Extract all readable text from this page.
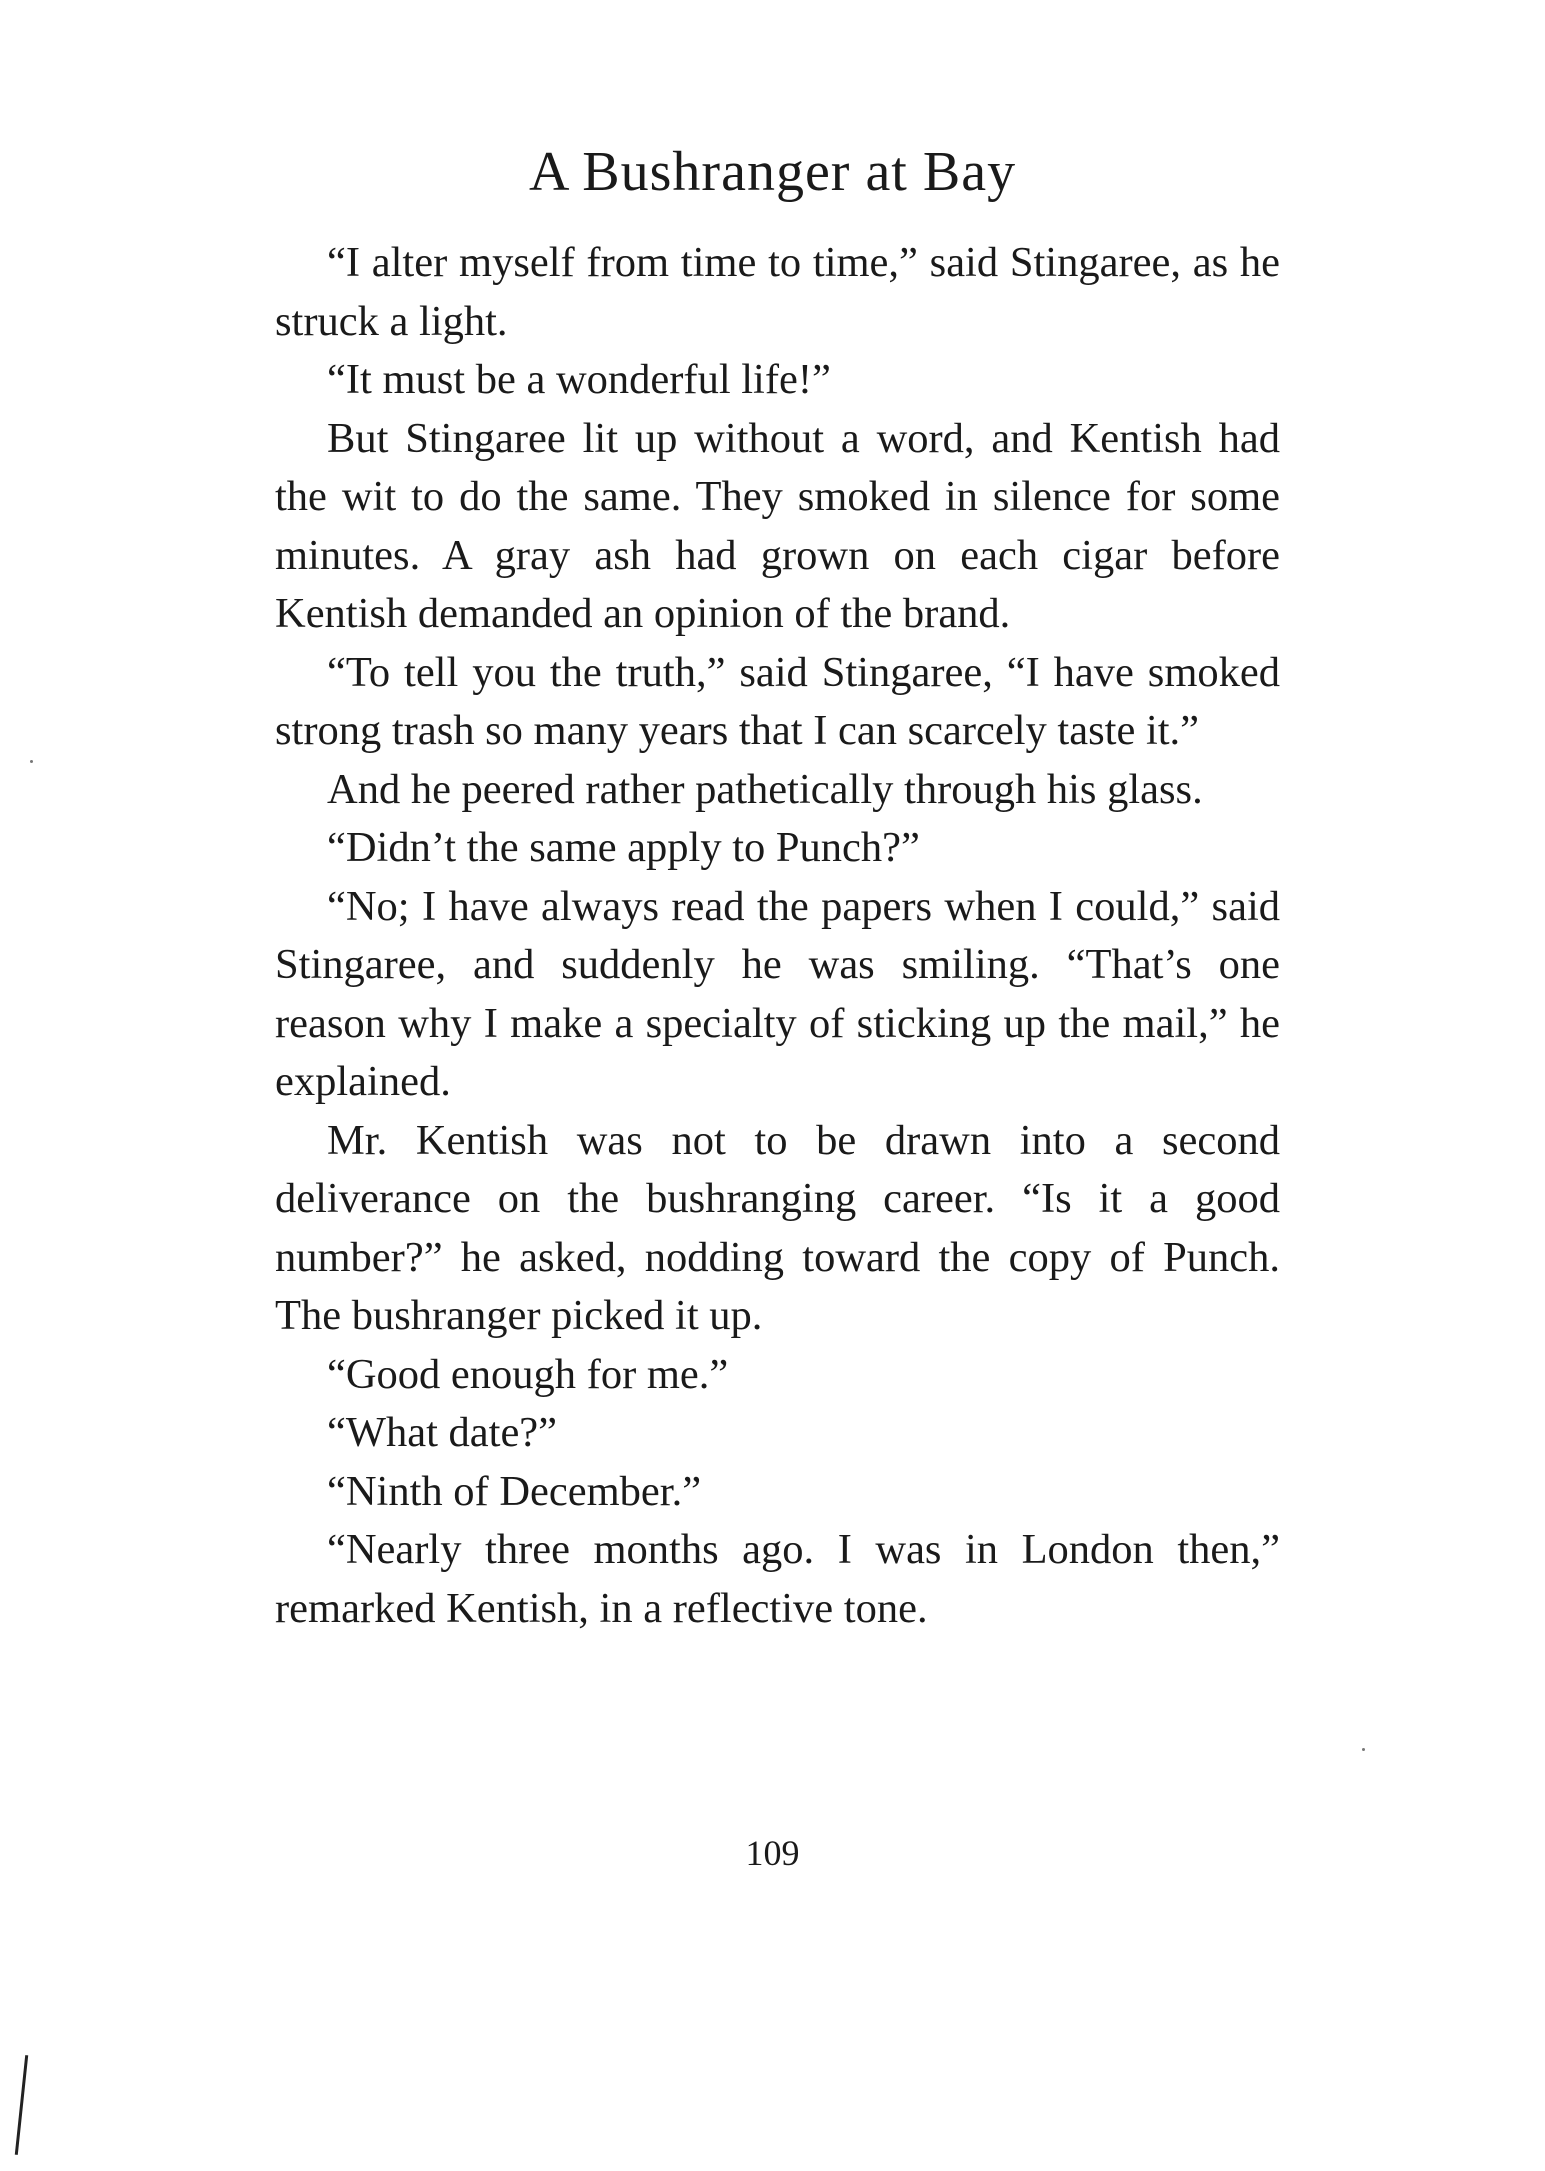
A Bushranger at Bay

“I alter myself from time to time,” said Stingaree, as he struck a light.

“It must be a wonderful life!”

But Stingaree lit up without a word, and Kentish had the wit to do the same. They smoked in silence for some minutes. A gray ash had grown on each cigar before Kentish demanded an opinion of the brand.

“To tell you the truth,” said Stingaree, “I have smoked strong trash so many years that I can scarcely taste it.”

And he peered rather pathetically through his glass.

“Didn’t the same apply to Punch?”

“No; I have always read the papers when I could,” said Stingaree, and suddenly he was smiling. “That’s one reason why I make a specialty of sticking up the mail,” he explained.

Mr. Kentish was not to be drawn into a second deliverance on the bushranging career. “Is it a good number?” he asked, nodding toward the copy of Punch. The bushranger picked it up.

“Good enough for me.”

“What date?”

“Ninth of December.”

“Nearly three months ago. I was in London then,” remarked Kentish, in a reflective tone.

109
